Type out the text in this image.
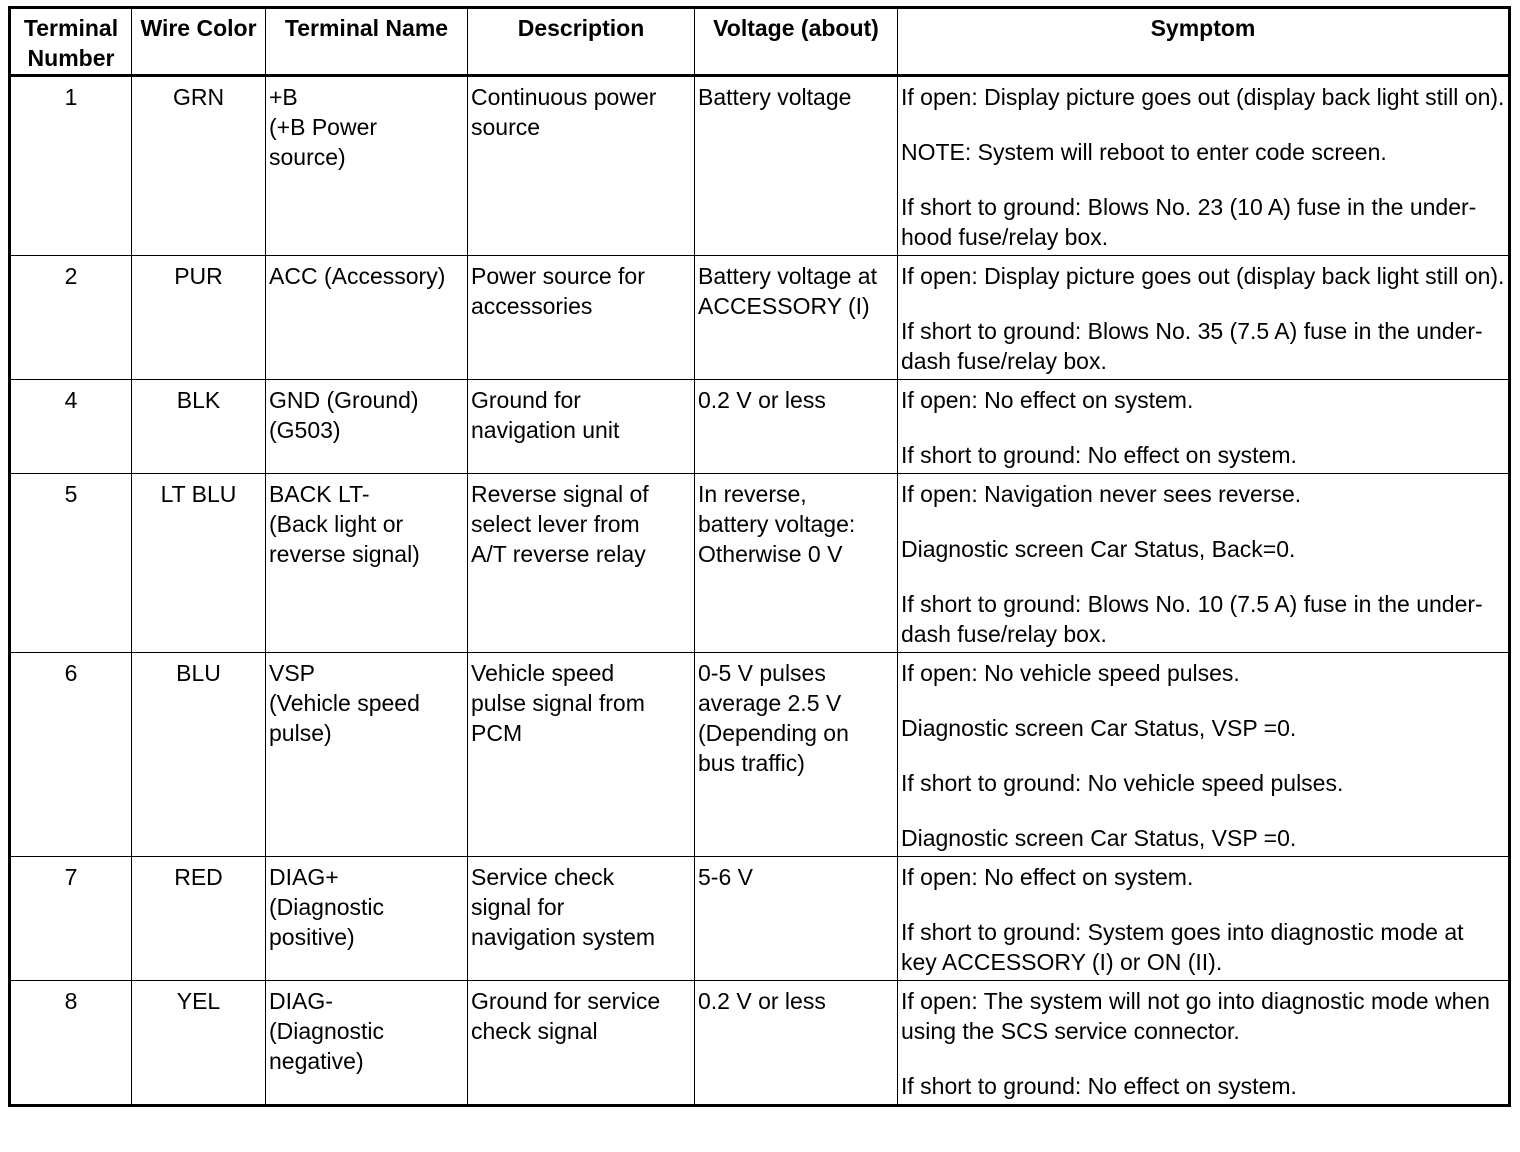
Terminal Number	Wire Color	Terminal Name	Description	Voltage (about)	Symptom
1	GRN	+B
(+B Power
source)	Continuous power
source	Battery voltage	If open: Display picture goes out (display back light still on).
NOTE: System will reboot to enter code screen.
If short to ground: Blows No. 23 (10 A) fuse in the under-hood fuse/relay box.

2	PUR	ACC (Accessory)	Power source for
accessories	Battery voltage at
ACCESSORY (I)	If open: Display picture goes out (display back light still on).
If short to ground: Blows No. 35 (7.5 A) fuse in the under-dash fuse/relay box.

4	BLK	GND (Ground)
(G503)	Ground for
navigation unit	0.2 V or less	If open: No effect on system.
If short to ground: No effect on system.

5	LT BLU	BACK LT-
(Back light or
reverse signal)	Reverse signal of
select lever from
A/T reverse relay	In reverse,
battery voltage:
Otherwise 0 V	If open: Navigation never sees reverse.
Diagnostic screen Car Status, Back=0.
If short to ground: Blows No. 10 (7.5 A) fuse in the under-dash fuse/relay box.

6	BLU	VSP
(Vehicle speed
pulse)	Vehicle speed
pulse signal from
PCM	0-5 V pulses
average 2.5 V
(Depending on
bus traffic)	If open: No vehicle speed pulses.
Diagnostic screen Car Status, VSP =0.
If short to ground: No vehicle speed pulses.
Diagnostic screen Car Status, VSP =0.

7	RED	DIAG+
(Diagnostic
positive)	Service check
signal for
navigation system	5-6 V	If open: No effect on system.
If short to ground: System goes into diagnostic mode at key ACCESSORY (I) or ON (II).

8	YEL	DIAG-
(Diagnostic
negative)	Ground for service
check signal	0.2 V or less	If open: The system will not go into diagnostic mode when using the SCS service connector.
If short to ground: No effect on system.
